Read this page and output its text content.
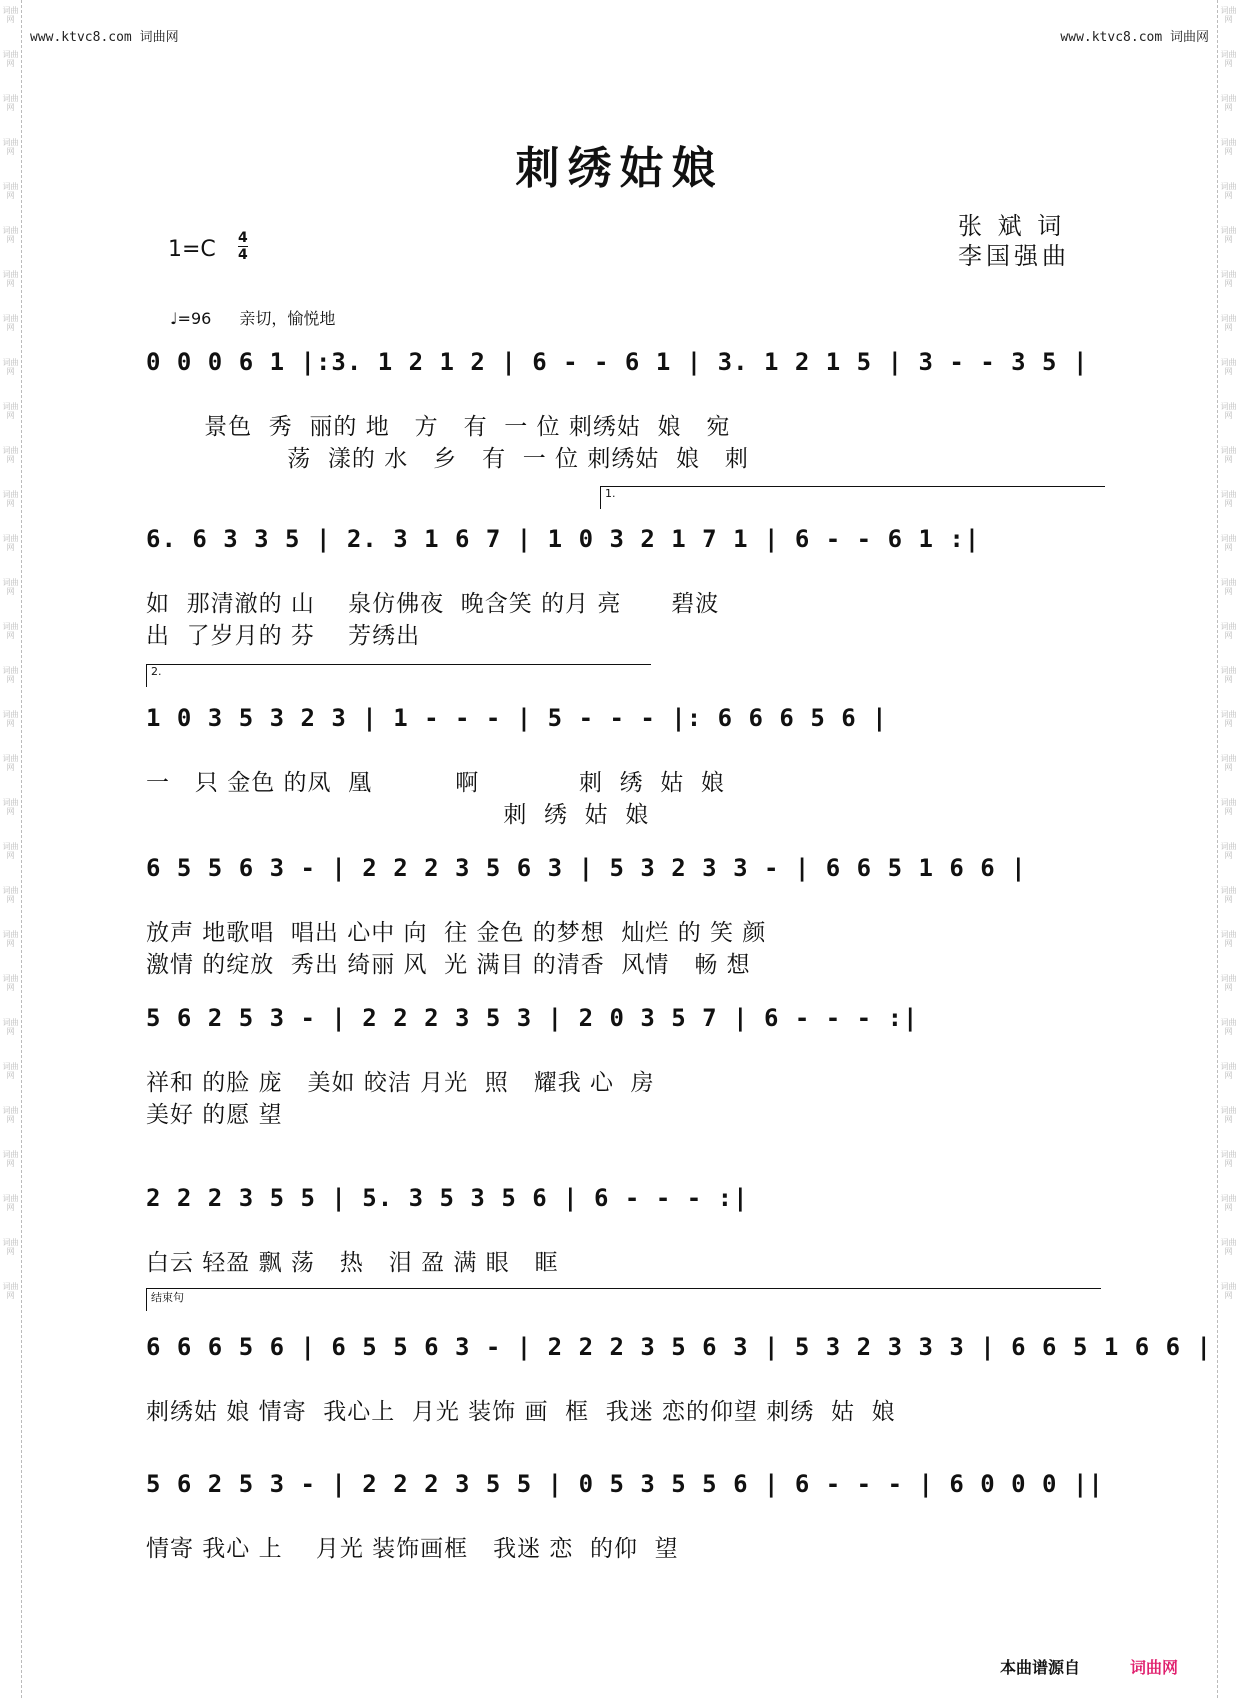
词曲网
词曲网
词曲网
词曲网
词曲网
词曲网
词曲网
词曲网
词曲网
词曲网
词曲网
词曲网
词曲网
词曲网
词曲网
词曲网
词曲网
词曲网
词曲网
词曲网
词曲网
词曲网
词曲网
词曲网
词曲网
词曲网
词曲网
词曲网
词曲网
词曲网
词曲网
词曲网
词曲网
词曲网
词曲网
词曲网
词曲网
词曲网
词曲网
词曲网
词曲网
词曲网
词曲网
词曲网
词曲网
词曲网
词曲网
词曲网
词曲网
词曲网
词曲网
词曲网
词曲网
词曲网
词曲网
词曲网
词曲网
词曲网
词曲网
词曲网
www.ktvc8.com 词曲网	www.ktvc8.com 词曲网
刺绣姑娘
1=C 4
4
张 斌 词
李国强曲
♩=96 亲切，愉悦地
0 0 0 6 1 |:3. 1 2 1 2 | 6 - - 6 1 | 3. 1 2 1 5 | 3 - - 3 5 |
景色  秀  丽的 地   方   有  一 位 刺绣姑  娘   宛
荡  漾的 水   乡   有  一 位 刺绣姑  娘   刺
6. 6 3 3 5 | 2. 3 1 6 7 | 1 0 3 2 1 7 1 | 6 - - 6 1 :|
如  那清澈的 山    泉仿佛夜  晚含笑 的月 亮      碧波
出  了岁月的 芬    芳绣出
1 0 3 5 3 2 3 | 1 - - - | 5 - - - |: 6 6 6 5 6 |
一   只 金色 的凤  凰          啊            刺  绣  姑  娘
刺  绣  姑  娘
6 5 5 6 3 - | 2 2 2 3 5 6 3 | 5 3 2 3 3 - | 6 6 5 1 6 6 |
放声 地歌唱  唱出 心中 向  往 金色 的梦想  灿烂 的 笑 颜
激情 的绽放  秀出 绮丽 风  光 满目 的清香  风情   畅 想
5 6 2 5 3 - | 2 2 2 3 5 3 | 2 0 3 5 7 | 6 - - - :|
祥和 的脸 庞   美如 皎洁 月光  照   耀我 心  房
美好 的愿 望
2 2 2 3 5 5 | 5. 3 5 3 5 6 | 6 - - - :|
白云 轻盈 飘 荡   热   泪 盈 满 眼   眶
6 6 6 5 6 | 6 5 5 6 3 - | 2 2 2 3 5 6 3 | 5 3 2 3 3 3 | 6 6 5 1 6 6 |
刺绣姑 娘 情寄  我心上  月光 装饰 画  框  我迷 恋的仰望 刺绣  姑  娘
5 6 2 5 3 - | 2 2 2 3 5 5 | 0 5 3 5 5 6 | 6 - - - | 6 0 0 0 ||
情寄 我心 上    月光 装饰画框   我迷 恋  的仰  望
1.
2.
结束句
本曲谱源自	词曲网
